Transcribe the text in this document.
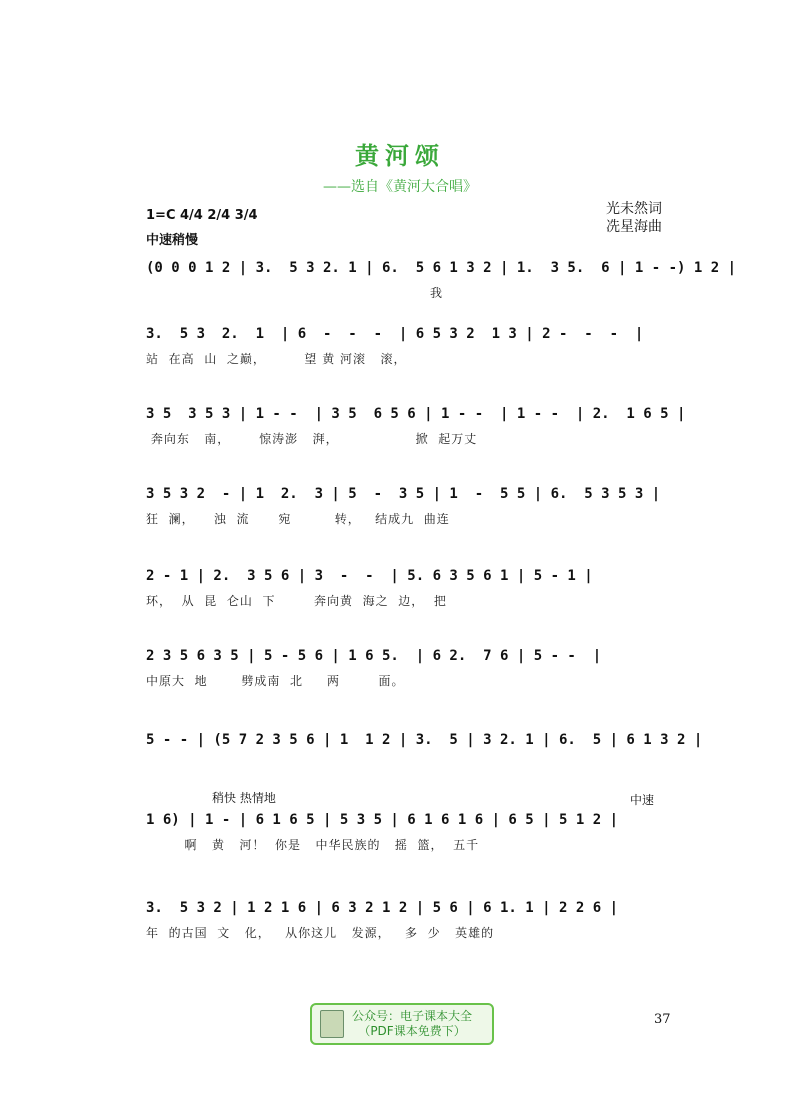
黄河颂
——选自《黄河大合唱》
光未然词
冼星海曲
1=C 4/4 2/4 3/4
中速稍慢
(0 0 0 1 2 | 3.  5 3 2. 1 | 6.  5 6 1 3 2 | 1.  3 5.  6 | 1 - -) 1 2 |
我
3.  5 3  2.  1  | 6  -  -  -  | 6 5 3 2  1 3 | 2 -  -  -  |
站  在高  山  之巅，        望 黄 河滚   滚，
3 5  3 5 3 | 1 - -  | 3 5  6 5 6 | 1 - -  | 1 - -  | 2.  1 6 5 |
奔向东   南，      惊涛澎   湃，                掀  起万丈
3 5 3 2  - | 1  2.  3 | 5  -  3 5 | 1  -  5 5 | 6.  5 3 5 3 |
狂  澜，    浊  流      宛         转，   结成九  曲连
2 - 1 | 2.  3 5 6 | 3  -  -  | 5. 6 3 5 6 1 | 5 - 1 |
环，  从  昆  仑山  下        奔向黄  海之  边，  把
2 3 5 6 3 5 | 5 - 5 6 | 1 6 5.  | 6 2.  7 6 | 5 - -  |
中原大  地       劈成南  北     两        面。
5 - - | (5 7 2 3 5 6 | 1  1 2 | 3.  5 | 3 2. 1 | 6.  5 | 6 1 3 2 |
稍快 热情地	中速
1 6) | 1 - | 6 1 6 5 | 5 3 5 | 6 1 6 1 6 | 6 5 | 5 1 2 |
啊   黄   河！  你是   中华民族的   摇  篮，  五千
3.  5 3 2 | 1 2 1 6 | 6 3 2 1 2 | 5 6 | 6 1. 1 | 2 2 6 |
年  的古国  文   化，   从你这儿   发源，   多  少   英雄的
公众号：电子课本大全
（PDF课本免费下）
37
